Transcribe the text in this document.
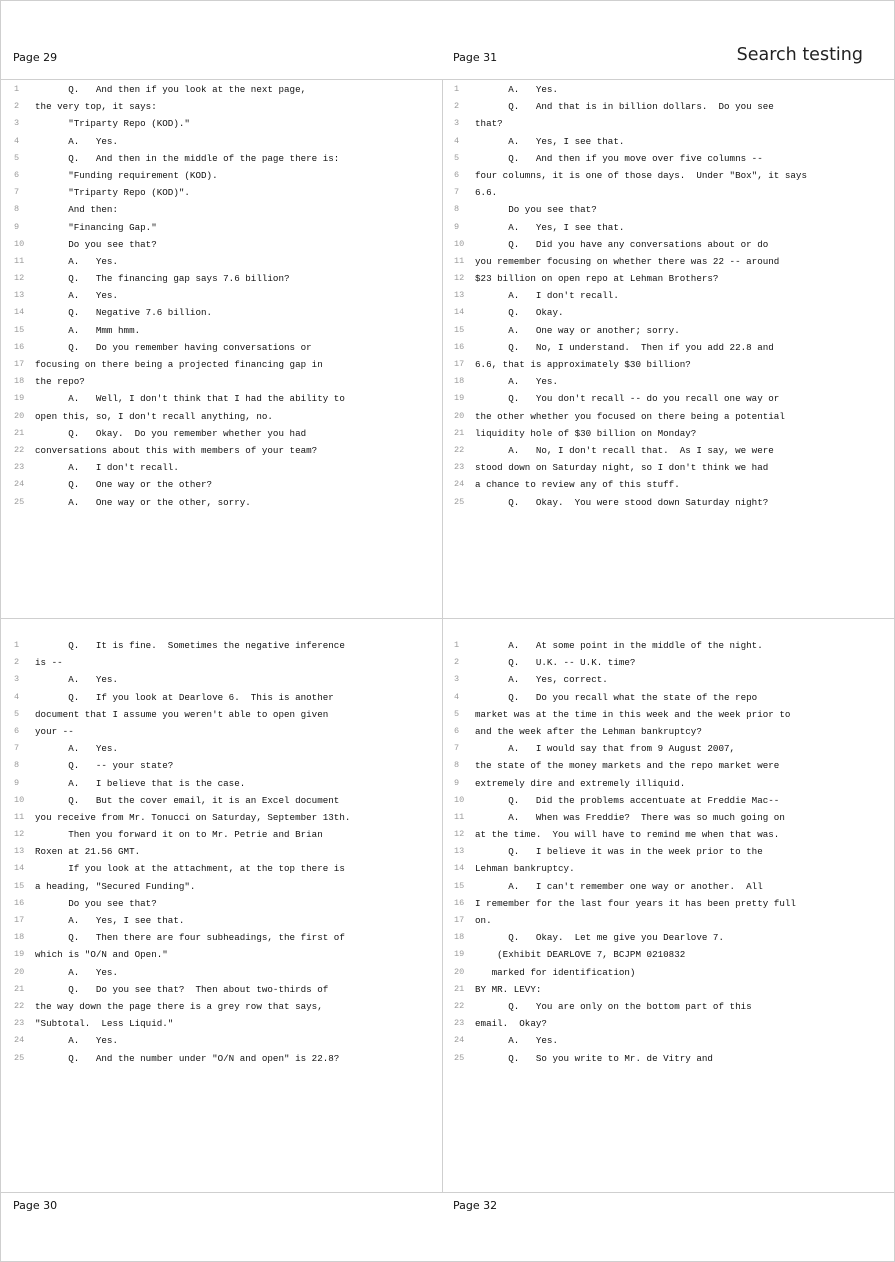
Page 29	Page 31	Search testing
1	Q.   And then if you look at the next page,
2	the very top, it says:
3	"Triparty Repo (KOD)."
4	A.   Yes.
5	Q.   And then in the middle of the page there is:
6	"Funding requirement (KOD).
7	"Triparty Repo (KOD)".
8	And then:
9	"Financing Gap."
10	Do you see that?
11	A.   Yes.
12	Q.   The financing gap says 7.6 billion?
13	A.   Yes.
14	Q.   Negative 7.6 billion.
15	A.   Mmm hmm.
16	Q.   Do you remember having conversations or
17	focusing on there being a projected financing gap in
18	the repo?
19	A.   Well, I don't think that I had the ability to
20	open this, so, I don't recall anything, no.
21	Q.   Okay.  Do you remember whether you had
22	conversations about this with members of your team?
23	A.   I don't recall.
24	Q.   One way or the other?
25	A.   One way or the other, sorry.
1	A.   Yes.
2	Q.   And that is in billion dollars.  Do you see
3	that?
4	A.   Yes, I see that.
5	Q.   And then if you move over five columns --
6	four columns, it is one of those days.  Under "Box", it says
7	6.6.
8	Do you see that?
9	A.   Yes, I see that.
10	Q.   Did you have any conversations about or do
11	you remember focusing on whether there was 22 -- around
12	$23 billion on open repo at Lehman Brothers?
13	A.   I don't recall.
14	Q.   Okay.
15	A.   One way or another; sorry.
16	Q.   No, I understand.  Then if you add 22.8 and
17	6.6, that is approximately $30 billion?
18	A.   Yes.
19	Q.   You don't recall -- do you recall one way or
20	the other whether you focused on there being a potential
21	liquidity hole of $30 billion on Monday?
22	A.   No, I don't recall that.  As I say, we were
23	stood down on Saturday night, so I don't think we had
24	a chance to review any of this stuff.
25	Q.   Okay.  You were stood down Saturday night?
1	Q.   It is fine.  Sometimes the negative inference
2	is --
3	A.   Yes.
4	Q.   If you look at Dearlove 6.  This is another
5	document that I assume you weren't able to open given
6	your --
7	A.   Yes.
8	Q.   -- your state?
9	A.   I believe that is the case.
10	Q.   But the cover email, it is an Excel document
11	you receive from Mr. Tonucci on Saturday, September 13th.
12	Then you forward it on to Mr. Petrie and Brian
13	Roxen at 21.56 GMT.
14	If you look at the attachment, at the top there is
15	a heading, "Secured Funding".
16	Do you see that?
17	A.   Yes, I see that.
18	Q.   Then there are four subheadings, the first of
19	which is "O/N and Open."
20	A.   Yes.
21	Q.   Do you see that?  Then about two-thirds of
22	the way down the page there is a grey row that says,
23	"Subtotal.  Less Liquid."
24	A.   Yes.
25	Q.   And the number under "O/N and open" is 22.8?
1	A.   At some point in the middle of the night.
2	Q.   U.K. -- U.K. time?
3	A.   Yes, correct.
4	Q.   Do you recall what the state of the repo
5	market was at the time in this week and the week prior to
6	and the week after the Lehman bankruptcy?
7	A.   I would say that from 9 August 2007,
8	the state of the money markets and the repo market were
9	extremely dire and extremely illiquid.
10	Q.   Did the problems accentuate at Freddie Mac--
11	A.   When was Freddie?  There was so much going on
12	at the time.  You will have to remind me when that was.
13	Q.   I believe it was in the week prior to the
14	Lehman bankruptcy.
15	A.   I can't remember one way or another.  All
16	I remember for the last four years it has been pretty full
17	on.
18	Q.   Okay.  Let me give you Dearlove 7.
19	(Exhibit DEARLOVE 7, BCJPM 0210832
20	marked for identification)
21	BY MR. LEVY:
22	Q.   You are only on the bottom part of this
23	email.  Okay?
24	A.   Yes.
25	Q.   So you write to Mr. de Vitry and
Page 30	Page 32
